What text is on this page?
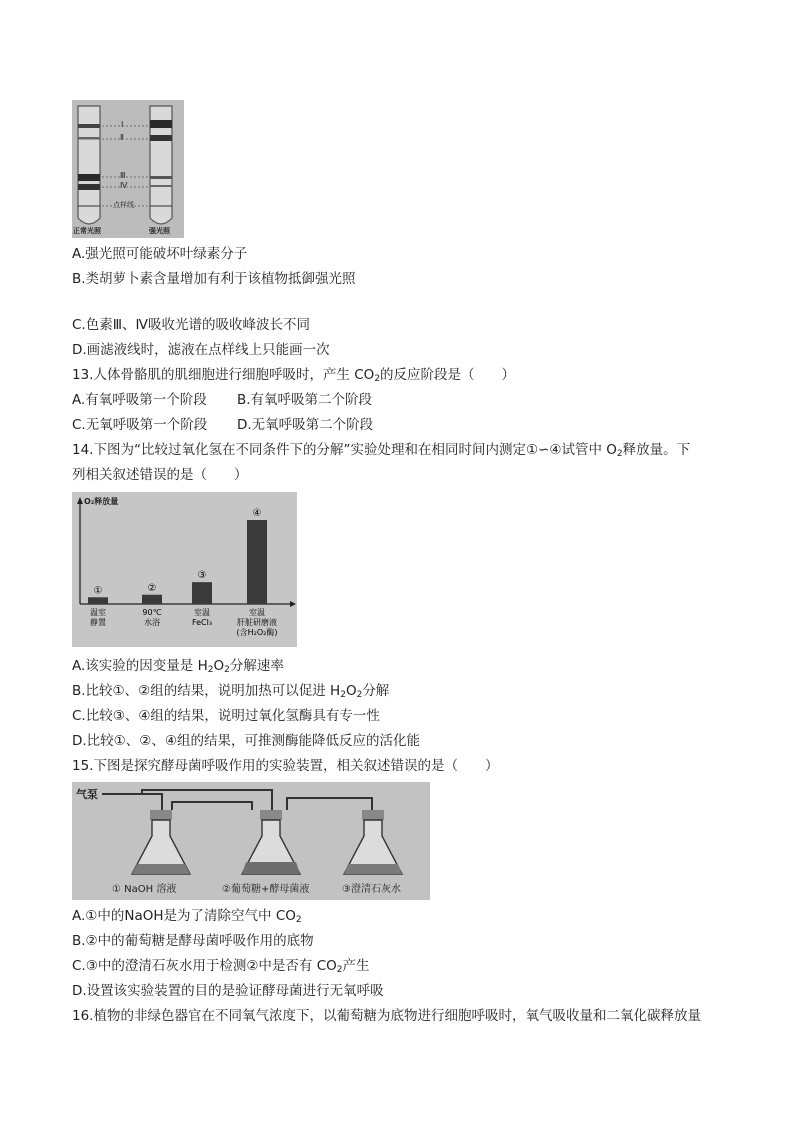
Ⅰ
Ⅱ
Ⅲ
Ⅳ
点样线
正常光照	强光照
A.强光照可能破坏叶绿素分子
B.类胡萝卜素含量增加有利于该植物抵御强光照
C.色素Ⅲ、Ⅳ吸收光谱的吸收峰波长不同
D.画滤液线时，滤液在点样线上只能画一次
13.人体骨骼肌的肌细胞进行细胞呼吸时，产生 $CO_2$的反应阶段是（　　）
A.有氧呼吸第一个阶段 B.有氧呼吸第二个阶段
C.无氧呼吸第一个阶段 D.无氧呼吸第二个阶段
14.下图为“比较过氧化氢在不同条件下的分解”实验处理和在相同时间内测定①∽④试管中 $O_2$释放量。下
列相关叙述错误的是（　　）
①
温室
静置
②
90℃
水浴
③
室温
FeCl₃
④
室温
肝脏研磨液
(含H₂O₂酶)
O₂释放量
A.该实验的因变量是 $H_2O_2$分解速率
B.比较①、②组的结果，说明加热可以促进 $H_2O_2$分解
C.比较③、④组的结果，说明过氧化氢酶具有专一性
D.比较①、②、④组的结果，可推测酶能降低反应的活化能
15.下图是探究酵母菌呼吸作用的实验装置，相关叙述错误的是（　　）
气泵
① NaOH 溶液	②葡萄糖+酵母菌液	③澄清石灰水
A.①中的NaOH是为了清除空气中 $CO_2$
B.②中的葡萄糖是酵母菌呼吸作用的底物
C.③中的澄清石灰水用于检测②中是否有 $CO_2$产生
D.设置该实验装置的目的是验证酵母菌进行无氧呼吸
16.植物的非绿色器官在不同氧气浓度下，以葡萄糖为底物进行细胞呼吸时，氧气吸收量和二氧化碳释放量
